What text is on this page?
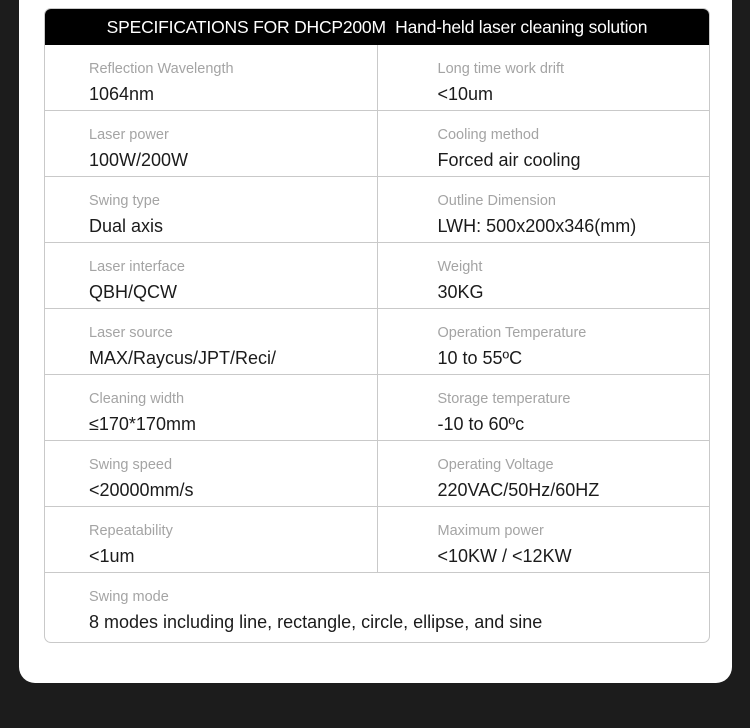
SPECIFICATIONS FOR DHCP200M  Hand-held laser cleaning solution
Reflection Wavelength
1064nm
Long time work drift
<10um
Laser power
100W/200W
Cooling method
Forced air cooling
Swing type
Dual axis
Outline Dimension
LWH: 500x200x346(mm)
Laser interface
QBH/QCW
Weight
30KG
Laser source
MAX/Raycus/JPT/Reci/
Operation Temperature
10 to 55ºC
Cleaning width
≤170*170mm
Storage temperature
-10 to 60ºc
Swing speed
<20000mm/s
Operating Voltage
220VAC/50Hz/60HZ
Repeatability
<1um
Maximum power
<10KW / <12KW
Swing mode
8 modes including line, rectangle, circle, ellipse, and sine
